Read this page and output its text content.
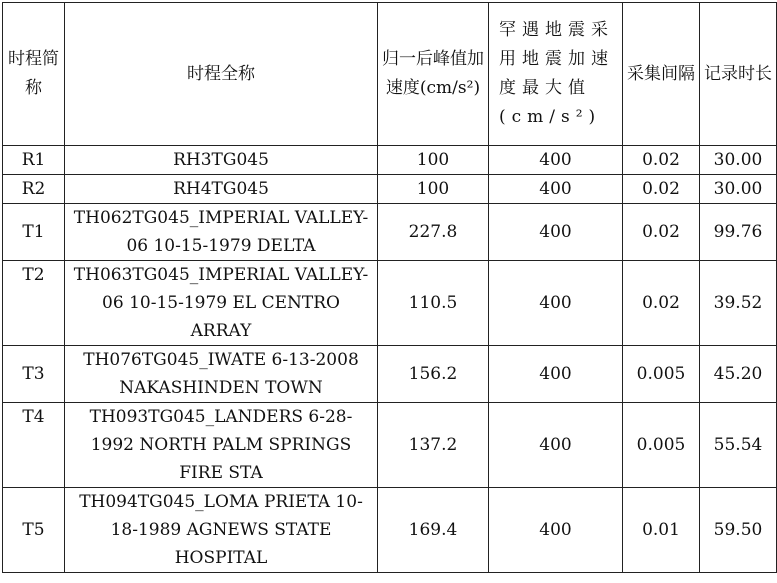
时程简称	时程全称	归一后峰值加速度(cm/s²)	罕遇地震采用地震加速度最大值(cm/s²)	采集间隔	记录时长
R1	RH3TG045	100	400	0.02	30.00
R2	RH4TG045	100	400	0.02	30.00
T1	TH062TG045_IMPERIAL VALLEY-06 10-15-1979 DELTA	227.8	400	0.02	99.76
T2	TH063TG045_IMPERIAL VALLEY-06 10-15-1979 EL CENTRO ARRAY	110.5	400	0.02	39.52
T3	TH076TG045_IWATE 6-13-2008 NAKASHINDEN TOWN	156.2	400	0.005	45.20
T4	TH093TG045_LANDERS 6-28-1992 NORTH PALM SPRINGS FIRE STA	137.2	400	0.005	55.54
T5	TH094TG045_LOMA PRIETA 10-18-1989 AGNEWS STATE HOSPITAL	169.4	400	0.01	59.50
